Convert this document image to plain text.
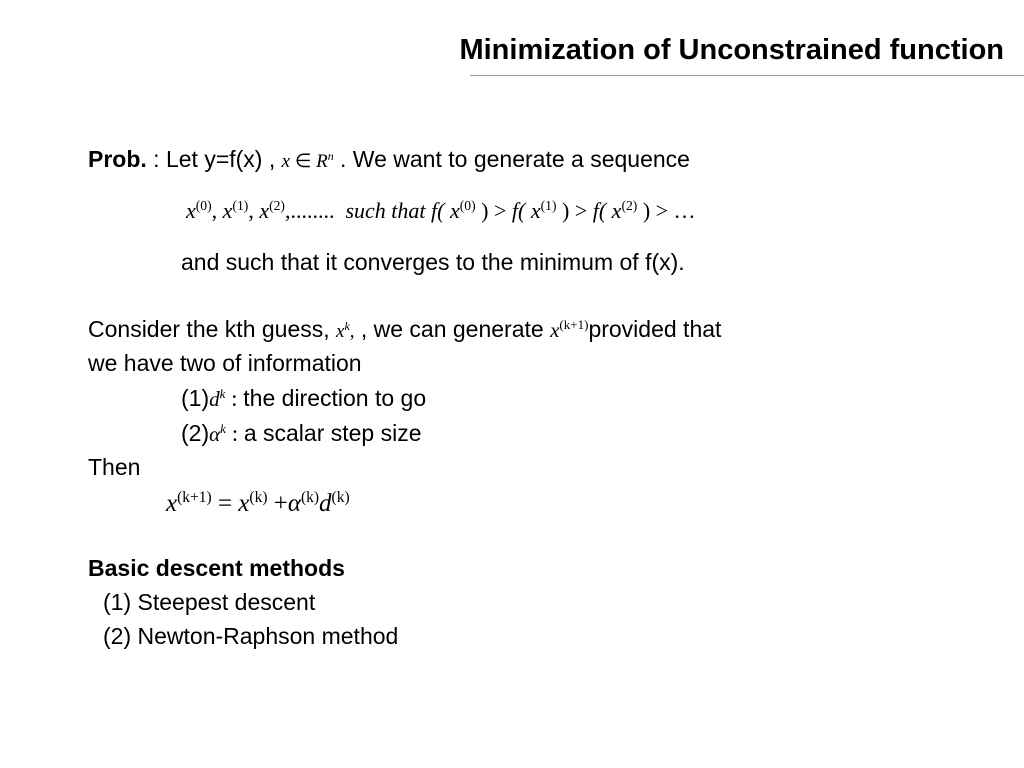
Minimization of Unconstrained function
Prob. : Let y=f(x) , x ∈ $R^n$ . We want to generate a sequence
$x^{(0)}$, $x^{(1)}$, $x^{(2)}$,........ such that f( $x^{(0)}$ ) > f( $x^{(1)}$ ) > f( $x^{(2)}$ ) > …
and such that it converges to the minimum of f(x).
Consider the kth guess, $x^k$, , we can generate $x^{(k+1)}provided$ that
we have two of information
$(1)d^k$ : the direction to go
$(2)\alpha^k$ : a scalar step size
Then
$x^{(k+1)} = x^{(k)} +\alpha^{(k)}d^{(k)}$
Basic descent methods
(1) Steepest descent
(2) Newton-Raphson method
